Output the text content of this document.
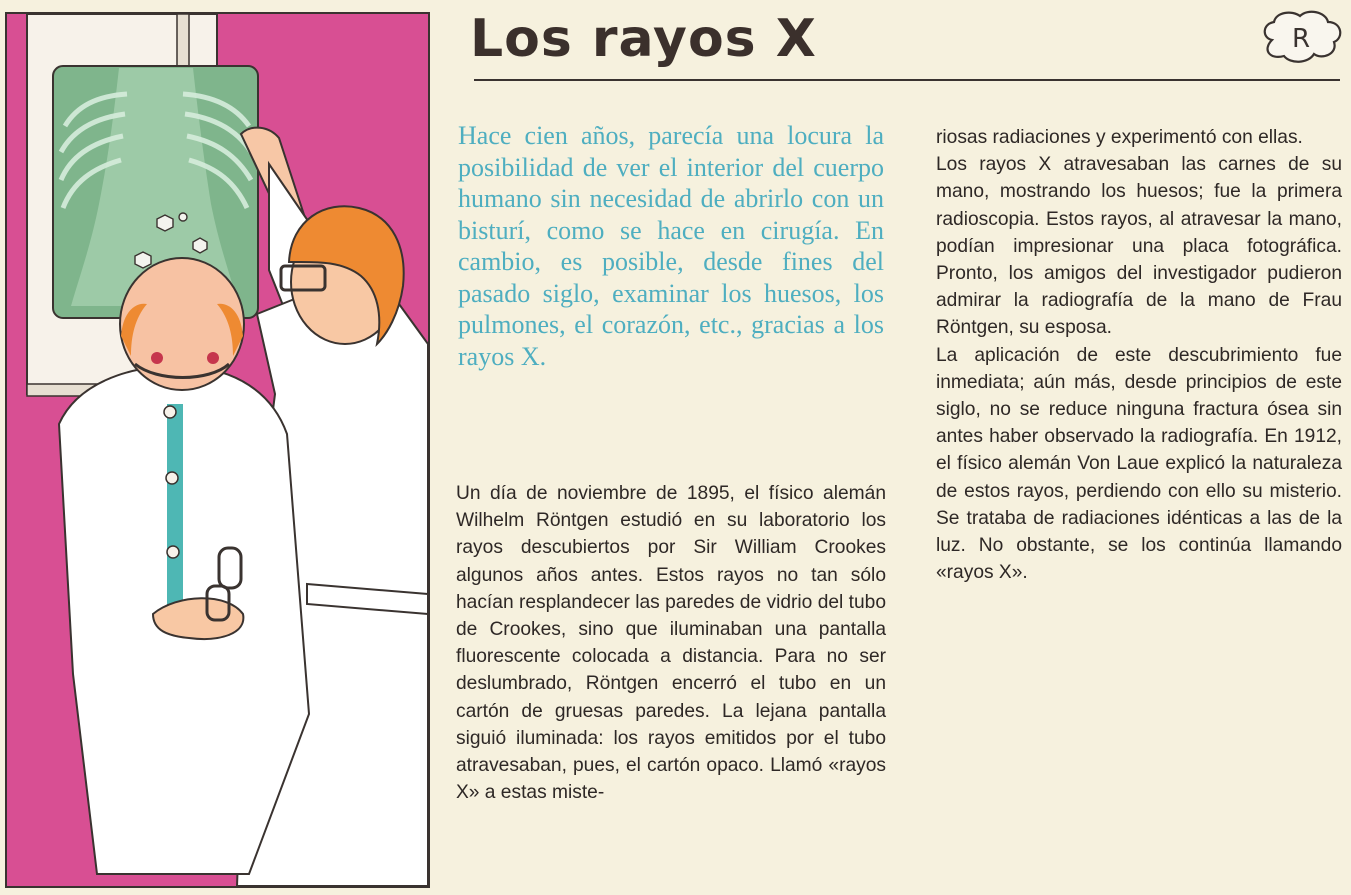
Los rayos X	R

Hace cien años, parecía una locura la posibilidad de ver el interior del cuerpo humano sin necesidad de abrirlo con un bisturí, como se hace en cirugía. En cambio, es posible, desde fines del pasado siglo, examinar los huesos, los pulmones, el corazón, etc., gracias a los rayos X.

Un día de noviembre de 1895, el físico alemán Wilhelm Röntgen estudió en su laboratorio los rayos descubiertos por Sir William Crookes algunos años antes. Estos rayos no tan sólo hacían resplandecer las paredes de vidrio del tubo de Crookes, sino que iluminaban una pantalla fluorescente colocada a distancia. Para no ser deslumbrado, Röntgen encerró el tubo en un cartón de gruesas paredes. La lejana pantalla siguió iluminada: los rayos emitidos por el tubo atravesaban, pues, el cartón opaco. Llamó «rayos X» a estas miste-

riosas radiaciones y experimentó con ellas.

Los rayos X atravesaban las carnes de su mano, mostrando los huesos; fue la primera radioscopia. Estos rayos, al atravesar la mano, podían impresionar una placa fotográfica. Pronto, los amigos del investigador pudieron admirar la radiografía de la mano de Frau Röntgen, su esposa.

La aplicación de este descubrimiento fue inmediata; aún más, desde principios de este siglo, no se reduce ninguna fractura ósea sin antes haber observado la radiografía. En 1912, el físico alemán Von Laue explicó la naturaleza de estos rayos, perdiendo con ello su misterio. Se trataba de radiaciones idénticas a las de la luz. No obstante, se los continúa llamando «rayos X».
